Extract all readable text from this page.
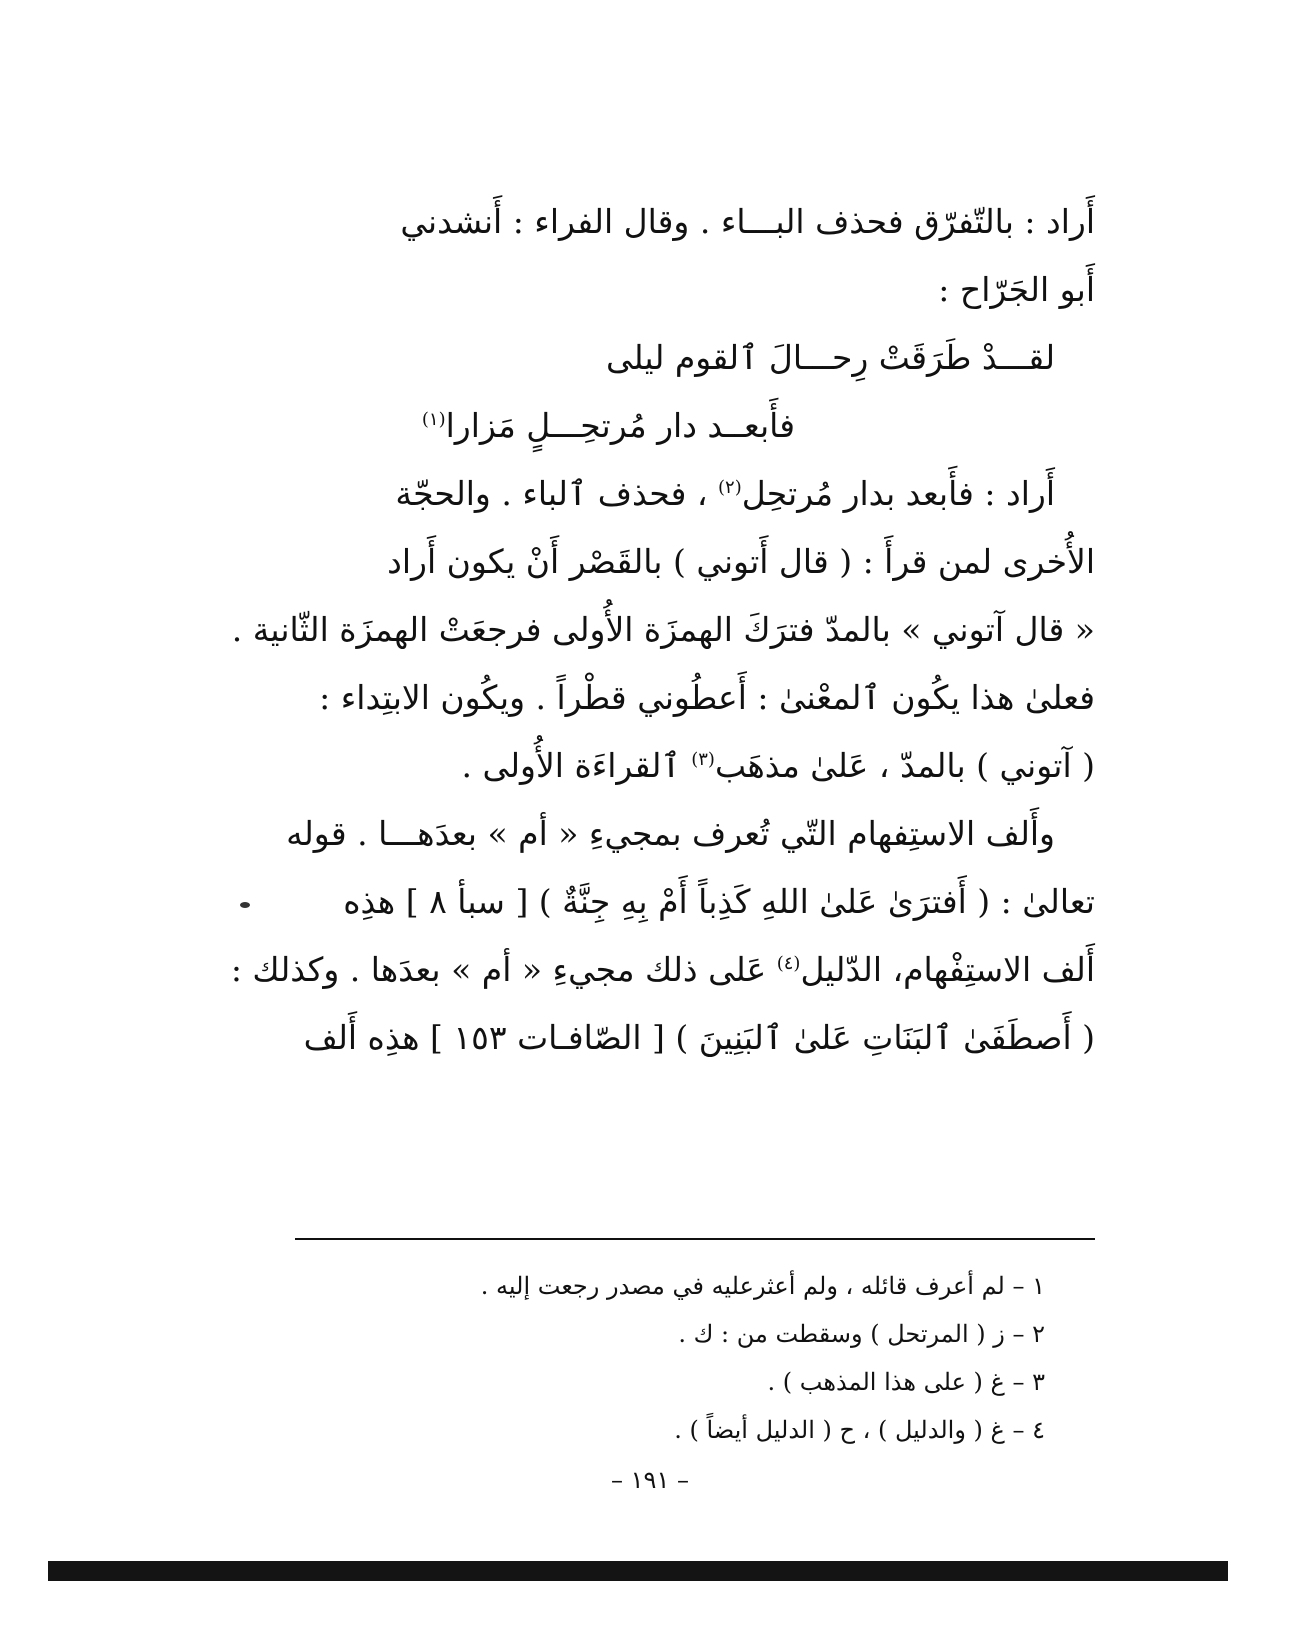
أَراد : بالتّفرّق فحذف البـــاء . وقال الفراء : أَنشدني
أَبو الجَرّاح :
لقـــدْ طَرَقَتْ رِحـــالَ ٱلقوم ليلى
فأَبعــد دار مُرتحِـــلٍ مَزارا$^{(١)}$
أَراد : فأَبعد بدار مُرتحِل$^{(٢)}$ ، فحذف ٱلباء . والحجّة
الأُخرى لمن قرأَ : ( قال أَتوني ) بالقَصْر أَنْ يكون أَراد
« قال آتوني » بالمدّ فترَكَ الهمزَة الأُولى فرجعَتْ الهمزَة الثّانية .
فعلىٰ هذا يكُون ٱلمعْنىٰ : أَعطُوني قطْراً . ويكُون الابتِداء :
( آتوني ) بالمدّ ، عَلىٰ مذهَب$^{(٣)}$ ٱلقراءَة الأُولى .
وأَلف الاستِفهام التّي تُعرف بمجيءِ « أم » بعدَهـــا . قوله
تعالىٰ : ( أَفترَىٰ عَلىٰ اللهِ كَذِباً أَمْ بِهِ جِنَّةٌ ) [ سبأ ٨ ] هذِه
أَلف الاستِفْهام، الدّليل$^{(٤)}$ عَلى ذلك مجيءِ « أم » بعدَها . وكذلك :
( أَصطَفَىٰ ٱلبَنَاتِ عَلىٰ ٱلبَنِينَ ) [ الصّافـات ١٥٣ ] هذِه أَلف
١ – لم أعرف قائله ، ولم أعثرعليه في مصدر رجعت إليه .
٢ – ز ( المرتحل ) وسقطت من : ك .
٣ – غ ( على هذا المذهب ) .
٤ – غ ( والدليل ) ، ح ( الدليل أيضاً ) .
– ١٩١ –
